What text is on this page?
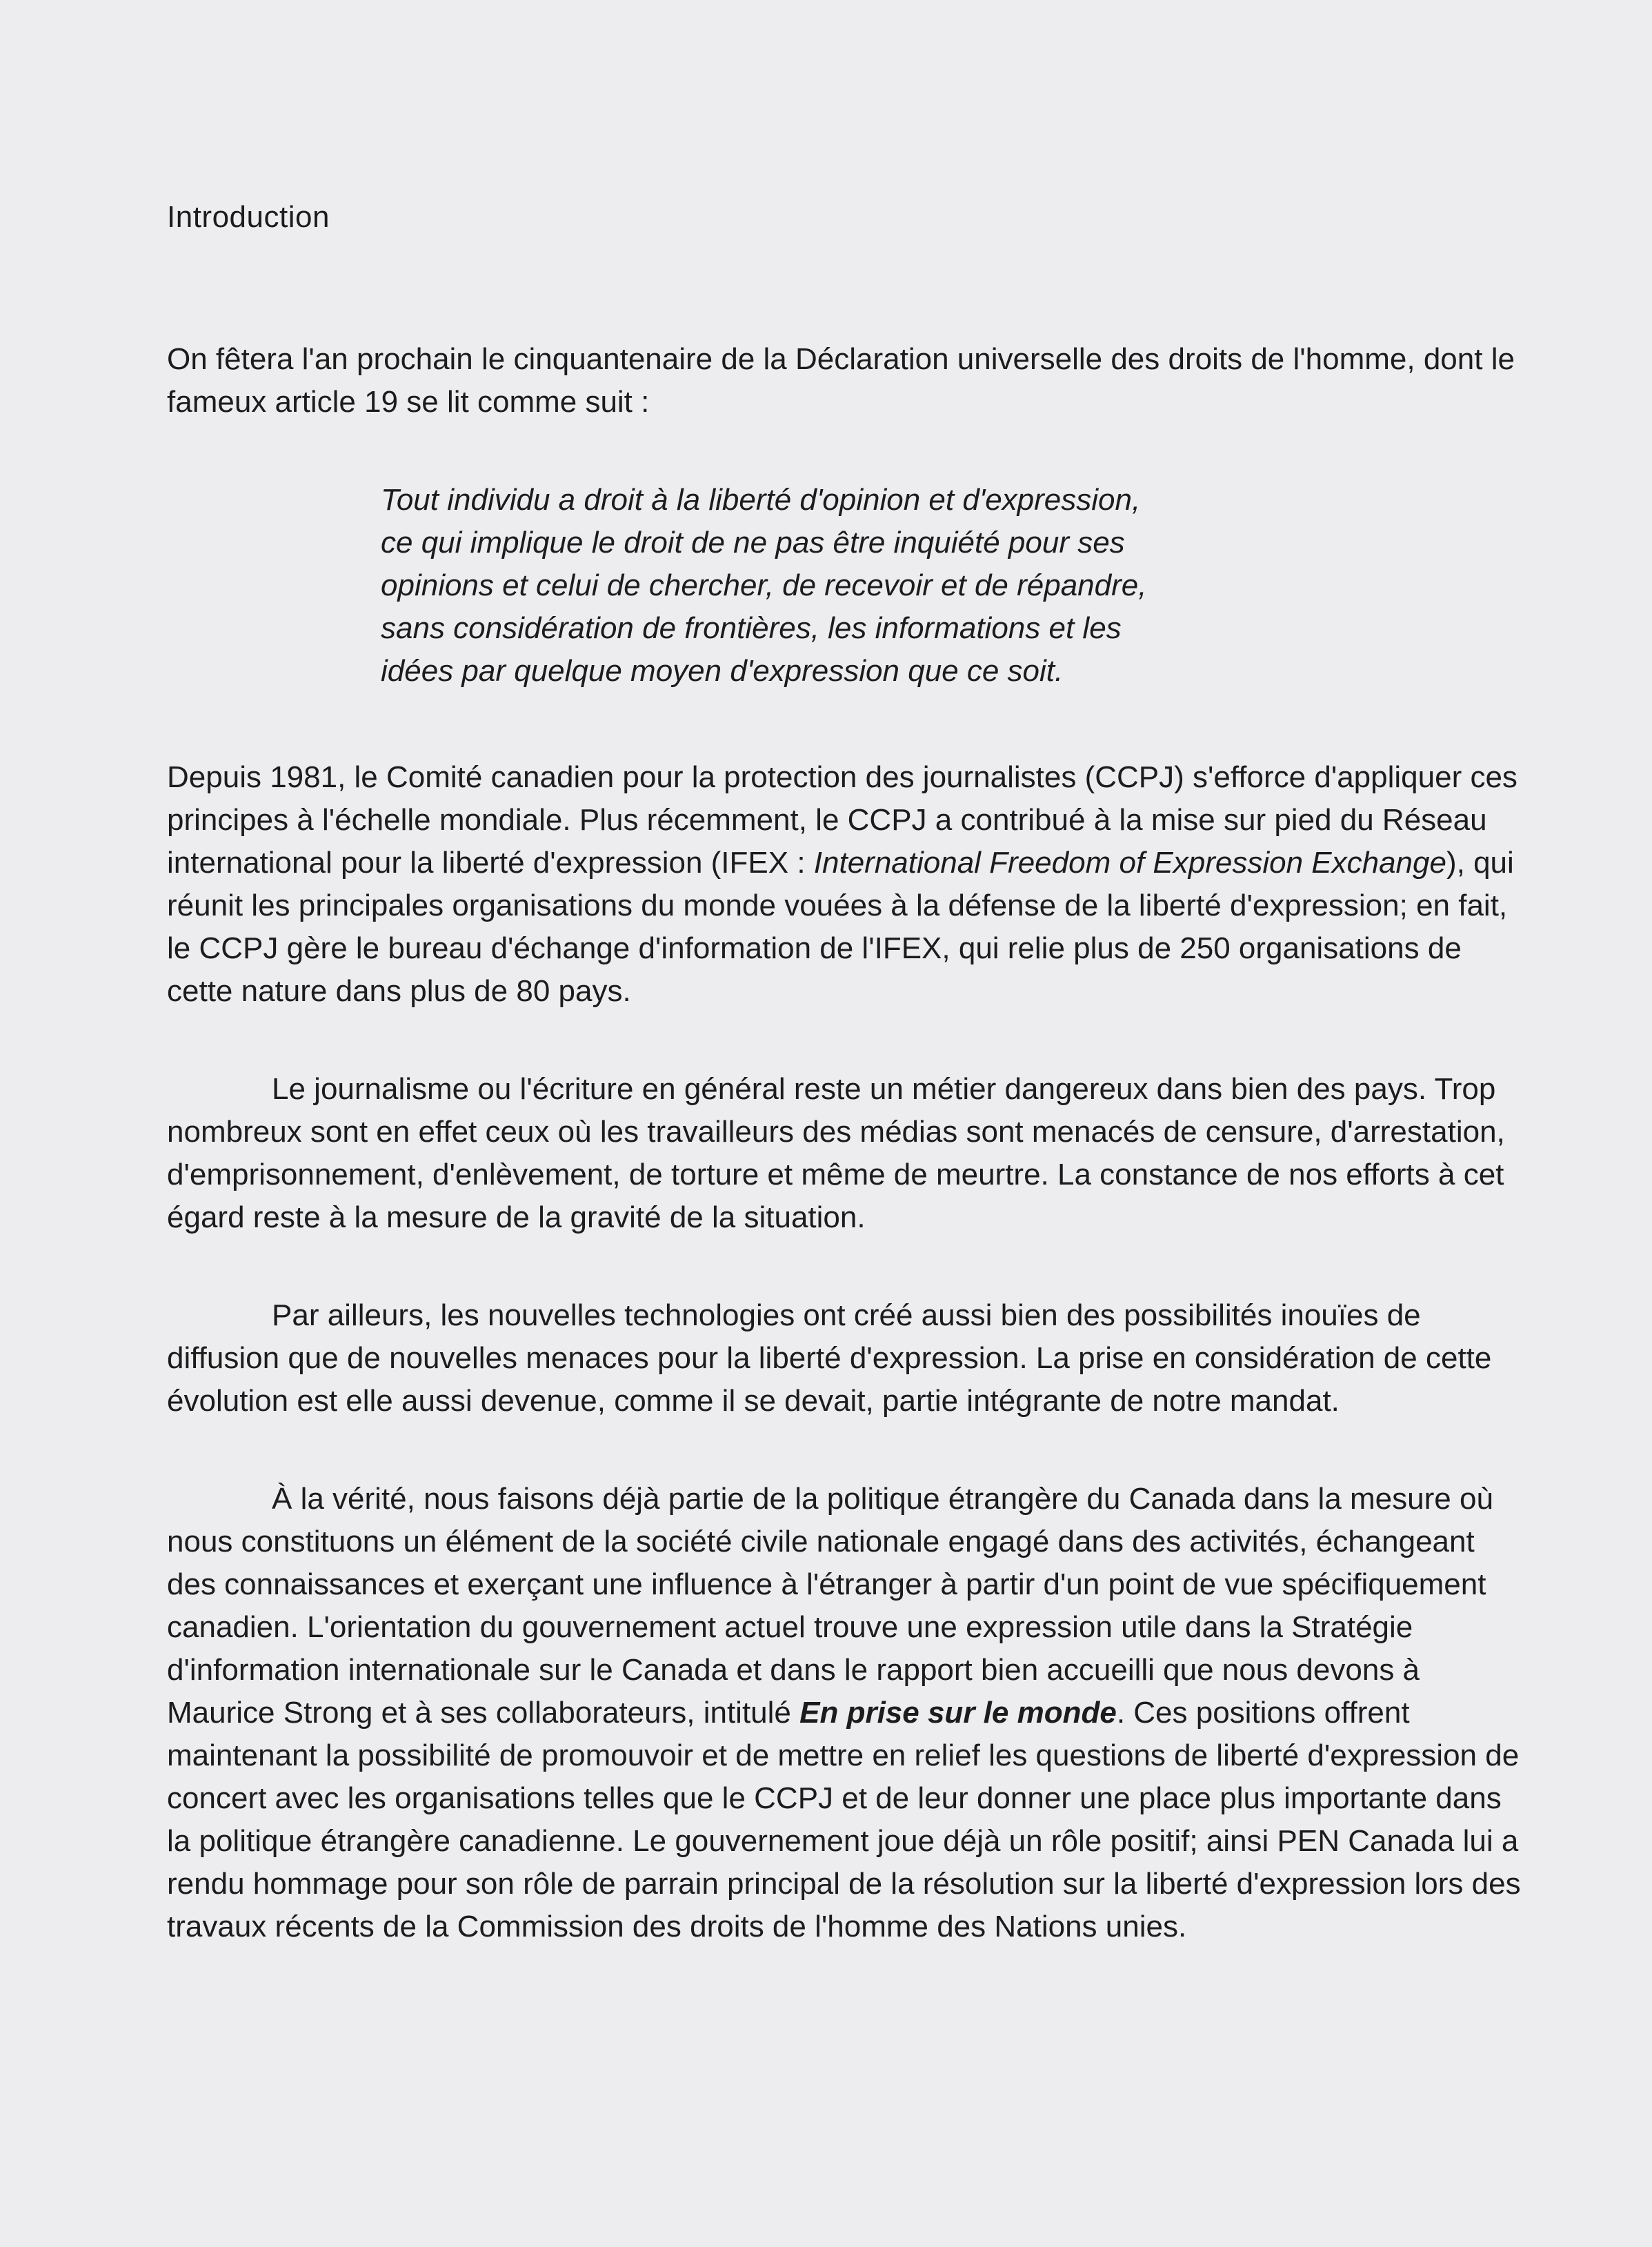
Introduction

On fêtera l'an prochain le cinquantenaire de la Déclaration universelle des droits de l'homme, dont le fameux article 19 se lit comme suit :

Tout individu a droit à la liberté d'opinion et d'expression,
ce qui implique le droit de ne pas être inquiété pour ses
opinions et celui de chercher, de recevoir et de répandre,
sans considération de frontières, les informations et les
idées par quelque moyen d'expression que ce soit.

Depuis 1981, le Comité canadien pour la protection des journalistes (CCPJ) s'efforce d'appliquer ces principes à l'échelle mondiale. Plus récemment, le CCPJ a contribué à la mise sur pied du Réseau international pour la liberté d'expression (IFEX : International Freedom of Expression Exchange), qui réunit les principales organisations du monde vouées à la défense de la liberté d'expression; en fait, le CCPJ gère le bureau d'échange d'information de l'IFEX, qui relie plus de 250 organisations de cette nature dans plus de 80 pays.

Le journalisme ou l'écriture en général reste un métier dangereux dans bien des pays. Trop nombreux sont en effet ceux où les travailleurs des médias sont menacés de censure, d'arrestation, d'emprisonnement, d'enlèvement, de torture et même de meurtre. La constance de nos efforts à cet égard reste à la mesure de la gravité de la situation.

Par ailleurs, les nouvelles technologies ont créé aussi bien des possibilités inouïes de diffusion que de nouvelles menaces pour la liberté d'expression. La prise en considération de cette évolution est elle aussi devenue, comme il se devait, partie intégrante de notre mandat.

À la vérité, nous faisons déjà partie de la politique étrangère du Canada dans la mesure où nous constituons un élément de la société civile nationale engagé dans des activités, échangeant des connaissances et exerçant une influence à l'étranger à partir d'un point de vue spécifiquement canadien. L'orientation du gouvernement actuel trouve une expression utile dans la Stratégie d'information internationale sur le Canada et dans le rapport bien accueilli que nous devons à Maurice Strong et à ses collaborateurs, intitulé En prise sur le monde. Ces positions offrent maintenant la possibilité de promouvoir et de mettre en relief les questions de liberté d'expression de concert avec les organisations telles que le CCPJ et de leur donner une place plus importante dans la politique étrangère canadienne. Le gouvernement joue déjà un rôle positif; ainsi PEN Canada lui a rendu hommage pour son rôle de parrain principal de la résolution sur la liberté d'expression lors des travaux récents de la Commission des droits de l'homme des Nations unies.
